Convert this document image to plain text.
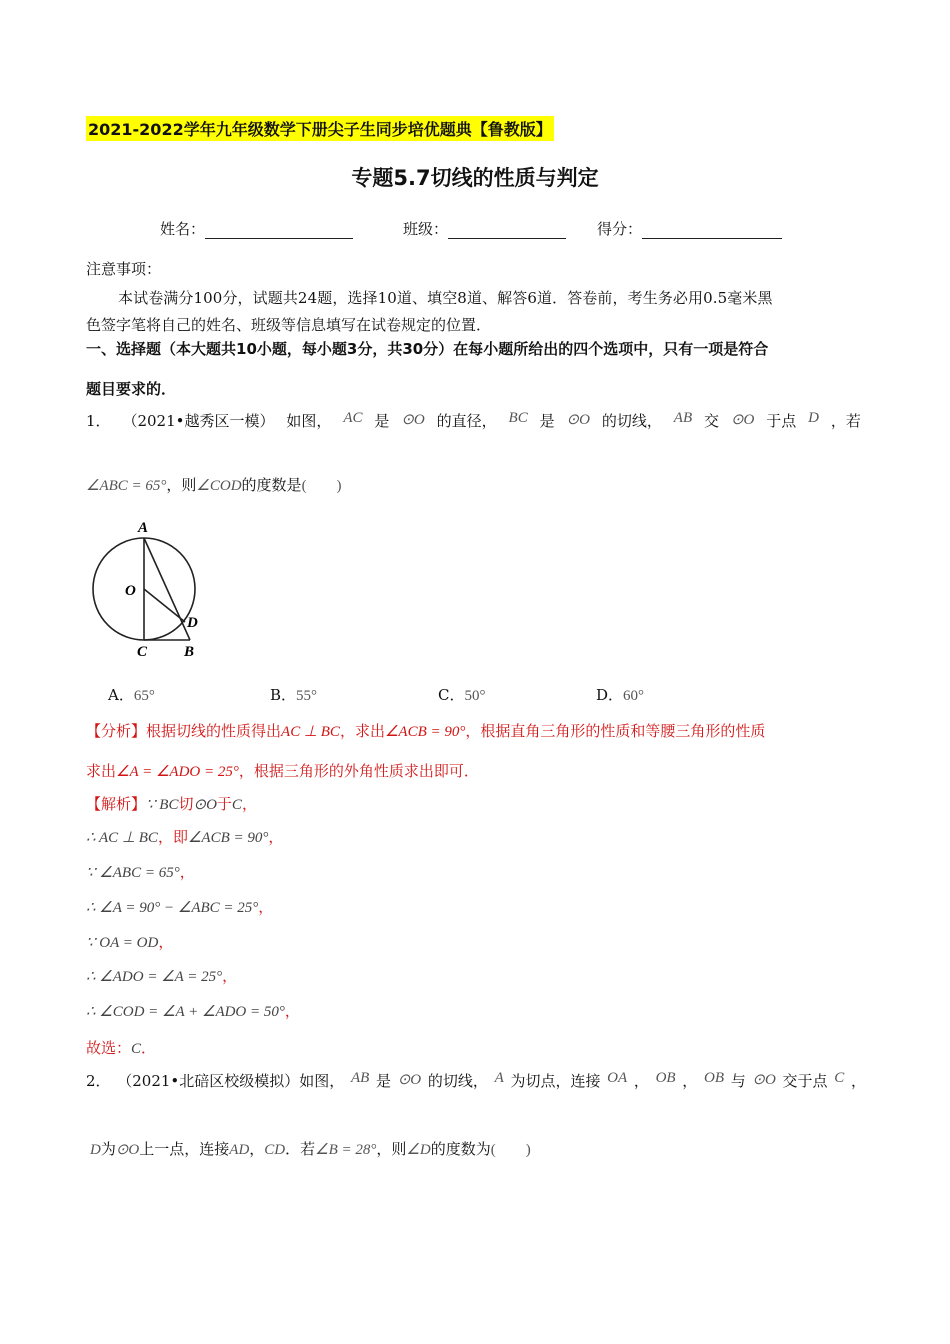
2021-2022学年九年级数学下册尖子生同步培优题典【鲁教版】
专题5.7切线的性质与判定
姓名：	班级：	得分：
注意事项：
本试卷满分100分，试题共24题，选择10道、填空8道、解答6道．答卷前，考生务必用0.5毫米黑
色签字笔将自己的姓名、班级等信息填写在试卷规定的位置．
一、选择题（本大题共10小题，每小题3分，共30分）在每小题所给出的四个选项中，只有一项是符合
题目要求的．
1． （2021•越秀区一模） 如图， AC 是 ⊙O 的直径， BC 是 ⊙O 的切线， AB 交 ⊙O 于点 D ，若
∠ABC = 65°，则∠COD的度数是(　　)
A
O
D
C B
A．65°	B．55°	C．50°	D．60°
【分析】根据切线的性质得出AC ⊥ BC，求出∠ACB = 90°，根据直角三角形的性质和等腰三角形的性质
求出∠A = ∠ADO = 25°，根据三角形的外角性质求出即可．
【解析】∵ BC切⊙O于C，
∴ AC ⊥ BC，即∠ACB = 90°，
∵ ∠ABC = 65°，
∴ ∠A = 90° − ∠ABC = 25°，
∵ OA = OD，
∴ ∠ADO = ∠A = 25°，
∴ ∠COD = ∠A + ∠ADO = 50°，
故选：C．
2． （2021•北碚区校级模拟）如图， AB 是 ⊙O 的切线， A 为切点，连接 OA ， OB ， OB 与 ⊙O 交于点 C ，
D为⊙O上一点，连接AD，CD．若∠B = 28°，则∠D的度数为(　　)
